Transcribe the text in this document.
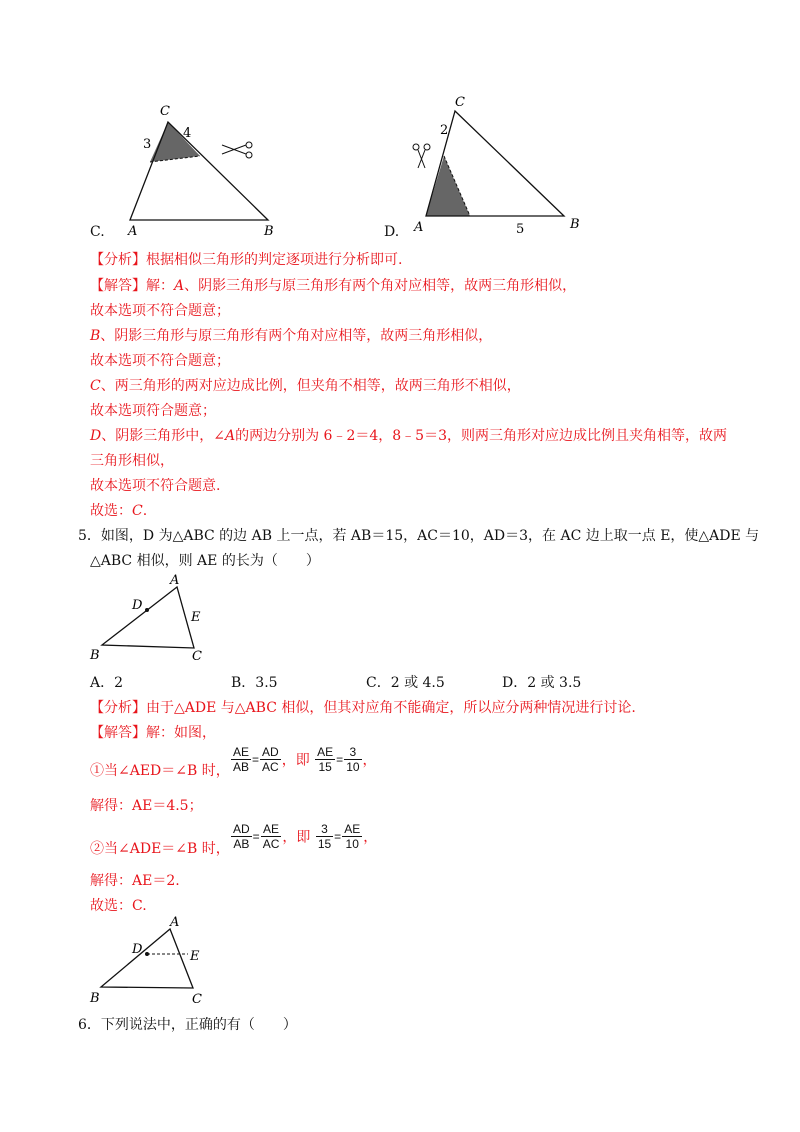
C
3
4
A	B
C.
C
2
A	5	B
D.
【分析】根据相似三角形的判定逐项进行分析即可.
【解答】解：A、阴影三角形与原三角形有两个角对应相等，故两三角形相似，
故本选项不符合题意；
B、阴影三角形与原三角形有两个角对应相等，故两三角形相似，
故本选项不符合题意；
C、两三角形的两对应边成比例，但夹角不相等，故两三角形不相似，
故本选项符合题意；
D、阴影三角形中，∠A的两边分别为 6﹣2＝4，8﹣5＝3，则两三角形对应边成比例且夹角相等，故两
三角形相似，
故本选项不符合题意.
故选：C.
5．如图，D 为△ABC 的边 AB 上一点，若 AB＝15，AC＝10，AD＝3，在 AC 边上取一点 E，使△ADE 与
△ABC 相似，则 AE 的长为（　　）
A
D
E
B	C
A．2	B．3.5	C．2 或 4.5	D．2 或 3.5
【分析】由于△ADE 与△ABC 相似，但其对应角不能确定，所以应分两种情况进行讨论.
【解答】解：如图，
①当∠AED＝∠B 时， $\frac{AE}{AB} = \frac{AD}{AC}$ ，即 $\frac{AE}{15} = \frac{3}{10}$ ，
解得：AE＝4.5；
②当∠ADE＝∠B 时， $\frac{AD}{AB} = \frac{AE}{AC}$ ，即 $\frac{3}{15} = \frac{AE}{10}$ ，
解得：AE＝2.
故选：C.
A
D	E
B	C
6．下列说法中，正确的有（　　）
